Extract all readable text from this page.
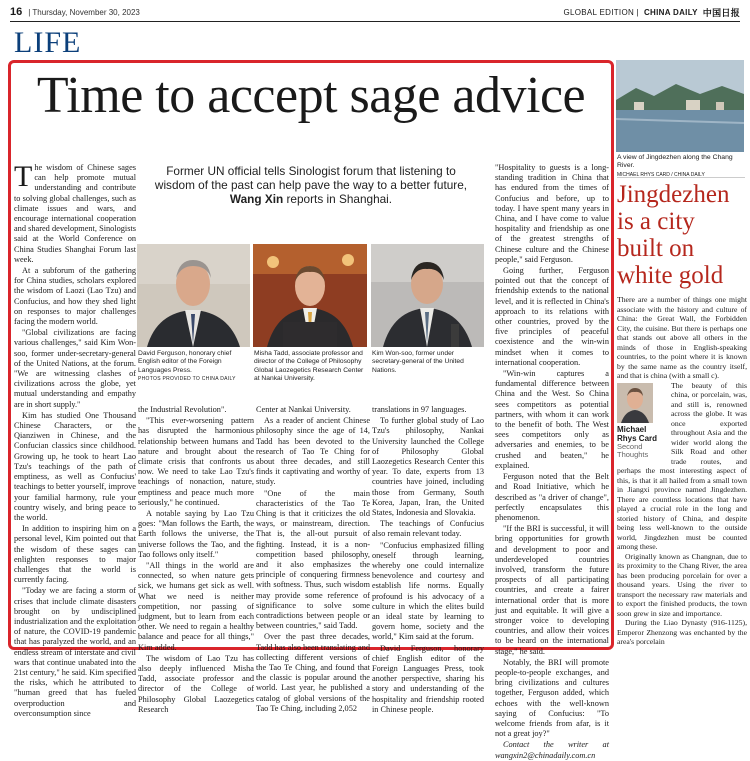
16 | Thursday, November 30, 2023	GLOBAL EDITION | CHINA DAILY 中国日报
LIFE
Time to accept sage advice
Former UN official tells Sinologist forum that listening to wisdom of the past can help pave the way to a better future, Wang Xin reports in Shanghai.
T he wisdom of Chinese sages can help promote mutual understanding and contribute to solving global challenges, such as climate issues and wars, and encourage international cooperation and shared development, Sinologists said at the World Conference on China Studies Shanghai Forum last week.

At a subforum of the gathering for China studies, scholars explored the wisdom of Laozi (Lao Tzu) and Confucius, and how they shed light on responses to major challenges facing the modern world.

"Global civilizations are facing various challenges," said Kim Won-soo, former under-secretary-general of the United Nations, at the forum. "We are witnessing clashes of civilizations across the globe, yet mutual understanding and empathy are in short supply."

Kim has studied One Thousand Chinese Characters, or the Qianziwen in Chinese, and the Confucian classics since childhood. Growing up, he took to heart Lao Tzu's teachings of the path of emptiness, as well as Confucius' teachings to better yourself, improve your familial harmony, rule your country wisely, and bring peace to the world.

In addition to inspiring him on a personal level, Kim pointed out that the wisdom of these sages can enlighten responses to major challenges that the world is currently facing.

"Today we are facing a storm of crises that include climate disasters brought on by undisciplined industrialization and the exploitation of nature, the COVID-19 pandemic that has paralyzed the world, and an endless stream of interstate and civil wars that continue unabated into the 21st century," he said. Kim specified the risks, which he attributed to "human greed that has fueled overproduction and overconsumption since

David Ferguson, honorary chief English editor of the Foreign Languages Press.
PHOTOS PROVIDED TO CHINA DAILY
Misha Tadd, associate professor and director of the College of Philosophy Global Laozegetics Research Center at Nankai University.
Kim Won-soo, former under secretary-general of the United Nations.

the Industrial Revolution".

"This ever-worsening pattern has disrupted the harmonious relationship between humans and nature and brought about the climate crisis that confronts us now. We need to take Lao Tzu's teachings of nonaction, nature, emptiness and peace much more seriously," he continued.

A notable saying by Lao Tzu goes: "Man follows the Earth, the Earth follows the universe, the universe follows the Tao, and the Tao follows only itself."

"All things in the world are connected, so when nature gets sick, we humans get sick as well. What we need is neither competition, nor passing of judgment, but to learn from each other. We need to regain a healthy balance and peace for all things," Kim added.

The wisdom of Lao Tzu has also deeply influenced Misha Tadd, associate professor and director of the College of Philosophy Global Laozegetics Research

Center at Nankai University.

As a reader of ancient Chinese philosophy since the age of 14, Tadd has been devoted to the research of Tao Te Ching for about three decades, and still finds it captivating and worthy of study.

"One of the main characteristics of the Tao Te Ching is that it criticizes the old ways, or mainstream, direction. That is, the all-out pursuit of fighting. Instead, it is a non-competition based philosophy, and it also emphasizes the principle of conquering firmness with softness. Thus, such wisdom may provide some reference of significance to solve some contradictions between people or between countries," said Tadd.

Over the past three decades, Tadd has also been translating and collecting different versions of the Tao Te Ching, and found that the classic is popular around the world. Last year, he published a catalog of global versions of the Tao Te Ching, including 2,052

translations in 97 languages.

To further global study of Lao Tzu's philosophy, Nankai University launched the College of Philosophy Global Laozegetics Research Center this year. To date, experts from 13 countries have joined, including those from Germany, South Korea, Japan, Iran, the United States, Indonesia and Slovakia.

The teachings of Confucius also remain relevant today.

"Confucius emphasized filling oneself through learning, whereby one could internalize benevolence and courtesy and establish life norms. Equally profound is his advocacy of a culture in which the elites build an ideal state by learning to govern home, society and the world," Kim said at the forum.

David Ferguson, honorary chief English editor of the Foreign Languages Press, took another perspective, sharing his story and understanding of the hospitality and friendship rooted in Chinese people.

"Hospitality to guests is a long-standing tradition in China that has endured from the times of Confucius and before, up to today. I have spent many years in China, and I have come to value hospitality and friendship as one of the greatest strengths of Chinese culture and the Chinese people," said Ferguson.

Going further, Ferguson pointed out that the concept of friendship extends to the national level, and it is reflected in China's approach to its relations with other countries, proved by the five principles of peaceful coexistence and the win-win mindset when it comes to international cooperation.

"Win-win captures a fundamental difference between China and the West. So China sees competitors as potential partners, with whom it can work to the benefit of both. The West sees competitors only as adversaries and enemies, to be crushed and beaten," he explained.

Ferguson noted that the Belt and Road Initiative, which he described as "a driver of change", perfectly encapsulates this phenomenon.

"If the BRI is successful, it will bring opportunities for growth and development to poor and underdeveloped countries involved, transform the future prospects of all participating countries, and create a fairer international order that is more just and equitable. It will give a stronger voice to developing countries, and allow their voices to be heard on the international stage," he said.

Notably, the BRI will promote people-to-people exchanges, and bring civilizations and cultures together, Ferguson added, which echoes with the well-known saying of Confucius: "To welcome friends from afar, is it not a great joy?"

Contact the writer at wangxin2@chinadaily.com.cn

A view of Jingdezhen along the Chang River.
MICHAEL RHYS CARD / CHINA DAILY
Jingdezhen is a city built on white gold

There are a number of things one might associate with the history and culture of China: the Great Wall, the Forbidden City, the cuisine. But there is perhaps one that stands out above all others in the minds of those in English-speaking countries, to the point where it is known by the same name as the country itself, and that is china (with a small c).

Michael Rhys Card
Second Thoughts

The beauty of this china, or porcelain, was, and still is, renowned across the globe. It was once exported throughout Asia and the wider world along the Silk Road and other trade routes, and perhaps the most interesting aspect of this, is that it all hailed from a small town in Jiangxi province named Jingdezhen. There are countless locations that have played a crucial role in the long and storied history of China, and despite being less well-known to the outside world, Jingdezhen must be counted among these.

Originally known as Changnan, due to its proximity to the Chang River, the area has been producing porcelain for over a thousand years. Using the river to transport the necessary raw materials and to export the finished products, the town soon grew in size and importance.

During the Liao Dynasty (916-1125), Emperor Zhenzong was enchanted by the area's porcelain
